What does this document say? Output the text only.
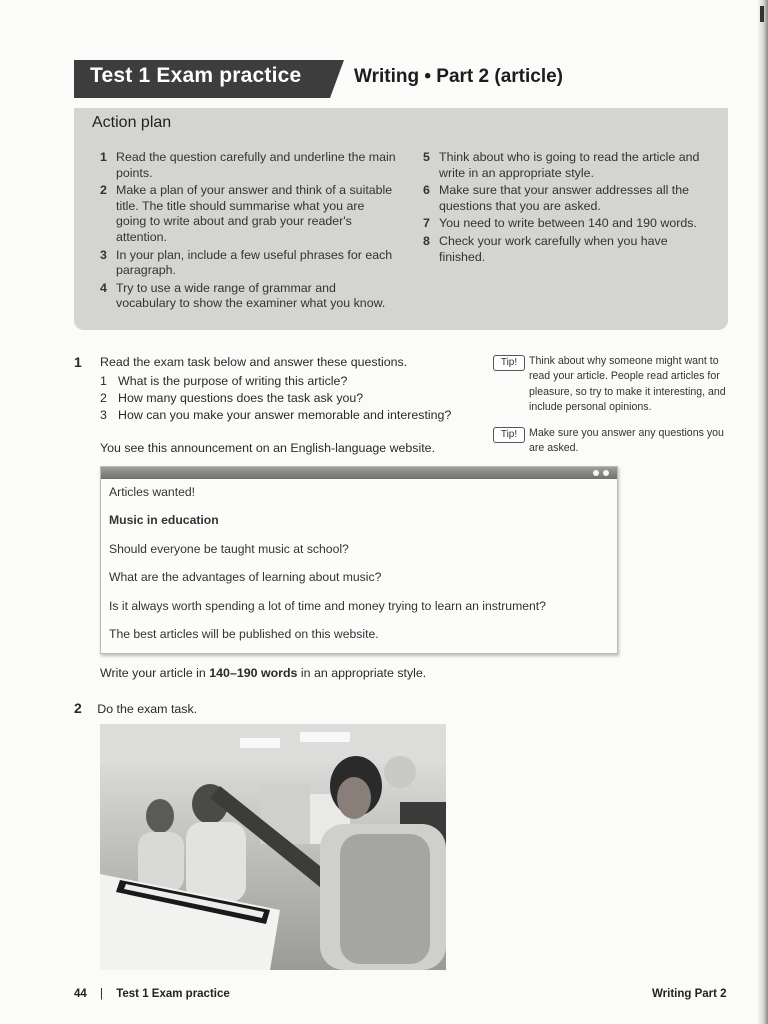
Test 1 Exam practice	Writing • Part 2 (article)
Action plan
1 Read the question carefully and underline the main points.
2 Make a plan of your answer and think of a suitable title. The title should summarise what you are going to write about and grab your reader's attention.
3 In your plan, include a few useful phrases for each paragraph.
4 Try to use a wide range of grammar and vocabulary to show the examiner what you know.
5 Think about who is going to read the article and write in an appropriate style.
6 Make sure that your answer addresses all the questions that you are asked.
7 You need to write between 140 and 190 words.
8 Check your work carefully when you have finished.
1 Read the exam task below and answer these questions.
1 What is the purpose of writing this article?
2 How many questions does the task ask you?
3 How can you make your answer memorable and interesting?
You see this announcement on an English-language website.
Tip!	Think about why someone might want to read your article. People read articles for pleasure, so try to make it interesting, and include personal opinions.
Tip!	Make sure you answer any questions you are asked.
Articles wanted!
Music in education
Should everyone be taught music at school?
What are the advantages of learning about music?
Is it always worth spending a lot of time and money trying to learn an instrument?
The best articles will be published on this website.
Write your article in 140–190 words in an appropriate style.
2 Do the exam task.
44 | Test 1 Exam practice	Writing Part 2
